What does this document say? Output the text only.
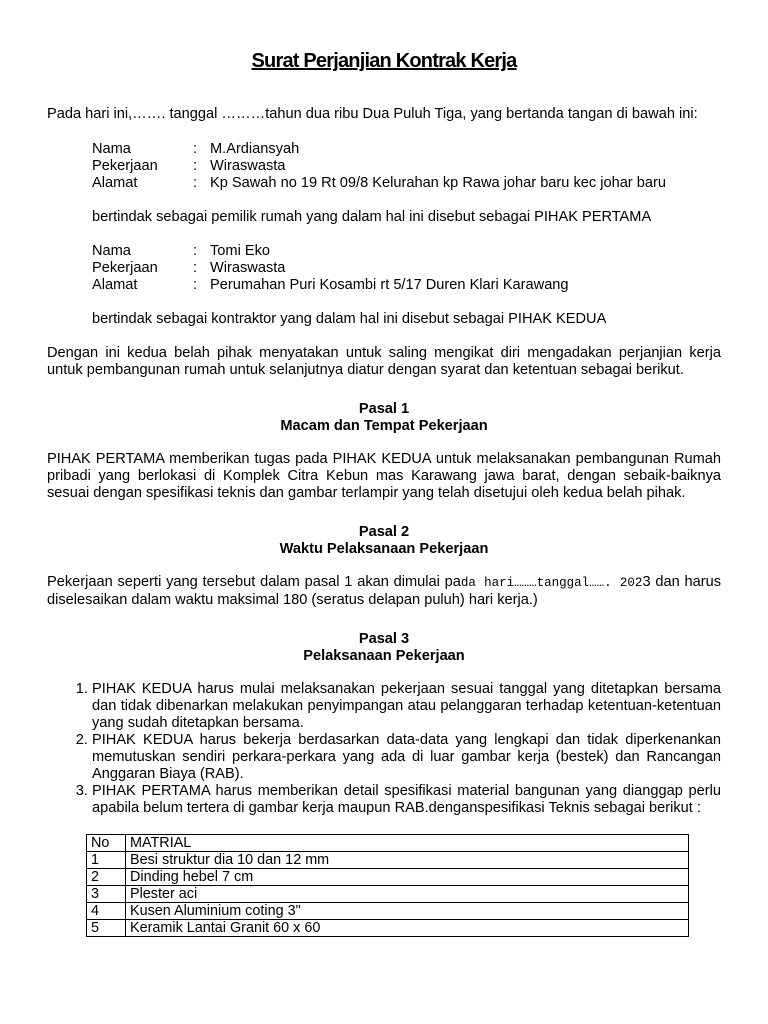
Surat Perjanjian Kontrak Kerja

Pada hari ini,……. tanggal ………tahun dua ribu Dua Puluh Tiga, yang bertanda tangan di bawah ini:

Nama	:	M.Ardiansyah
Pekerjaan	:	Wiraswasta
Alamat	:	Kp Sawah no 19 Rt 09/8 Kelurahan kp Rawa johar baru kec johar baru

bertindak sebagai pemilik rumah yang dalam hal ini disebut sebagai PIHAK PERTAMA

Nama	:	Tomi Eko
Pekerjaan	:	Wiraswasta
Alamat	:	Perumahan Puri Kosambi rt 5/17 Duren Klari Karawang

bertindak sebagai kontraktor yang dalam hal ini disebut sebagai PIHAK KEDUA

Dengan ini kedua belah pihak menyatakan untuk saling mengikat diri mengadakan perjanjian kerja untuk pembangunan rumah untuk selanjutnya diatur dengan syarat dan ketentuan sebagai berikut.

Pasal 1

Macam dan Tempat Pekerjaan

PIHAK PERTAMA memberikan tugas pada PIHAK KEDUA untuk melaksanakan pembangunan Rumah pribadi yang berlokasi di Komplek Citra Kebun mas Karawang jawa barat, dengan sebaik-baiknya sesuai dengan spesifikasi teknis dan gambar terlampir yang telah disetujui oleh kedua belah pihak.

Pasal 2

Waktu Pelaksanaan Pekerjaan

Pekerjaan seperti yang tersebut dalam pasal 1 akan dimulai pada hari………tanggal……. 2023 dan harus diselesaikan dalam waktu maksimal 180 (seratus delapan puluh) hari kerja.)

Pasal 3

Pelaksanaan Pekerjaan

1. PIHAK KEDUA harus mulai melaksanakan pekerjaan sesuai tanggal yang ditetapkan bersama dan tidak dibenarkan melakukan penyimpangan atau pelanggaran terhadap ketentuan-ketentuan yang sudah ditetapkan bersama.
2. PIHAK KEDUA harus bekerja berdasarkan data-data yang lengkapi dan tidak diperkenankan memutuskan sendiri perkara-perkara yang ada di luar gambar kerja (bestek) dan Rancangan Anggaran Biaya (RAB).
3. PIHAK PERTAMA harus memberikan detail spesifikasi material bangunan yang dianggap perlu apabila belum tertera di gambar kerja maupun RAB.denganspesifikasi Teknis sebagai berikut :
No	MATRIAL
1	Besi struktur dia 10 dan 12 mm
2	Dinding hebel 7 cm
3	Plester aci
4	Kusen Aluminium coting 3"
5	Keramik Lantai Granit 60 x 60
